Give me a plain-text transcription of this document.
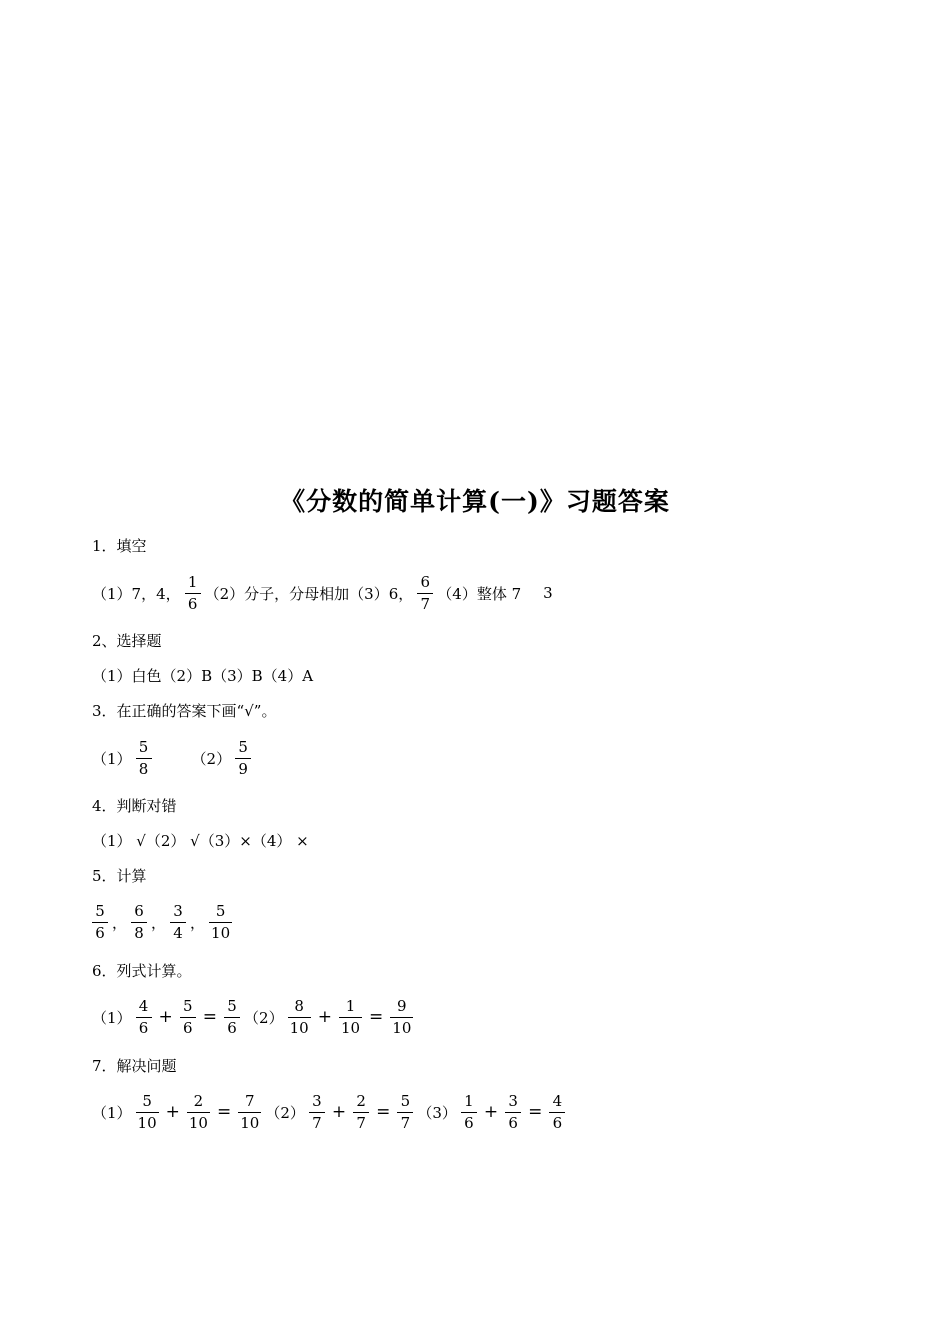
《分数的简单计算(一)》习题答案
1．填空
（1）7，4， $\frac{1}{6} (2)$分子，分母相加（3）6， $\frac{6}{7} (4)$整体 7 3
2、选择题
（1）白色（2）B（3）B（4）A
3．在正确的答案下画“√”。
$(1) \frac{5}{8}$	$(2) \frac{5}{9}$
4．判断对错
（1） √（2） √（3）×（4） ×
5．计算
$\frac{5}{6}$ ， $\frac{6}{8}$ ， $\frac{3}{4}$ ， $\frac{5}{10}$
6．列式计算。
$(1) \frac{4}{6} + \frac{5}{6} = \frac{5}{6} (2) \frac{8}{10} + \frac{1}{10} = \frac{9}{10}$
7．解决问题
$(1) \frac{5}{10} + \frac{2}{10} = \frac{7}{10} (2) \frac{3}{7} + \frac{2}{7} = \frac{5}{7} (3) \frac{1}{6} + \frac{3}{6} = \frac{4}{6}$
